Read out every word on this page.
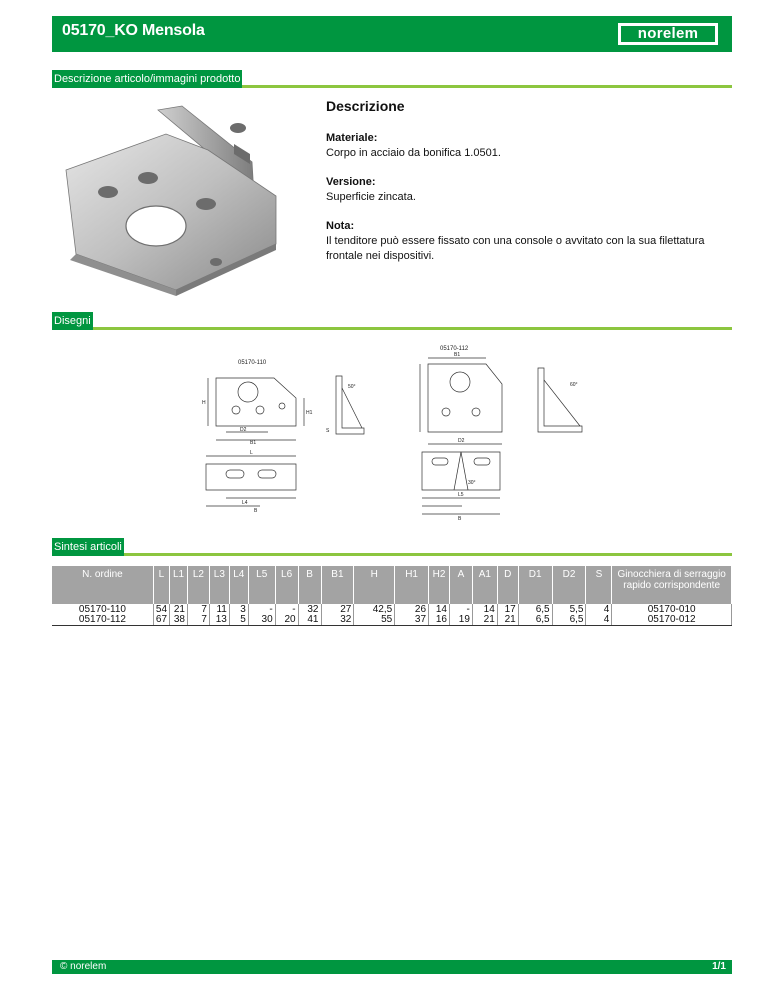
05170_KO Mensola	norelem
Descrizione articolo/immagini prodotto
Descrizione

Materiale:
Corpo in acciaio da bonifica 1.0501.

Versione:
Superficie zincata.

Nota:
Il tenditore può essere fissato con una console o avvitato con la sua filettatura frontale nei dispositivi.

Disegni
05170-110
05170-112
H
H1
B1
D2
50°
S
L
L4
B
B1
D2
60°
30°
L5
B
Sintesi articoli
N. ordine	L	L1	L2	L3	L4	L5	L6	B	B1	H	H1	H2	A	A1	D	D1	D2	S	Ginocchiera di serraggio rapido corrispondente
05170-110	54	21	7	11	3	-	-	32	27	42,5	26	14	-	14	17	6,5	5,5	4	05170-010
05170-112	67	38	7	13	5	30	20	41	32	55	37	16	19	21	21	6,5	6,5	4	05170-012
© norelem	1/1
